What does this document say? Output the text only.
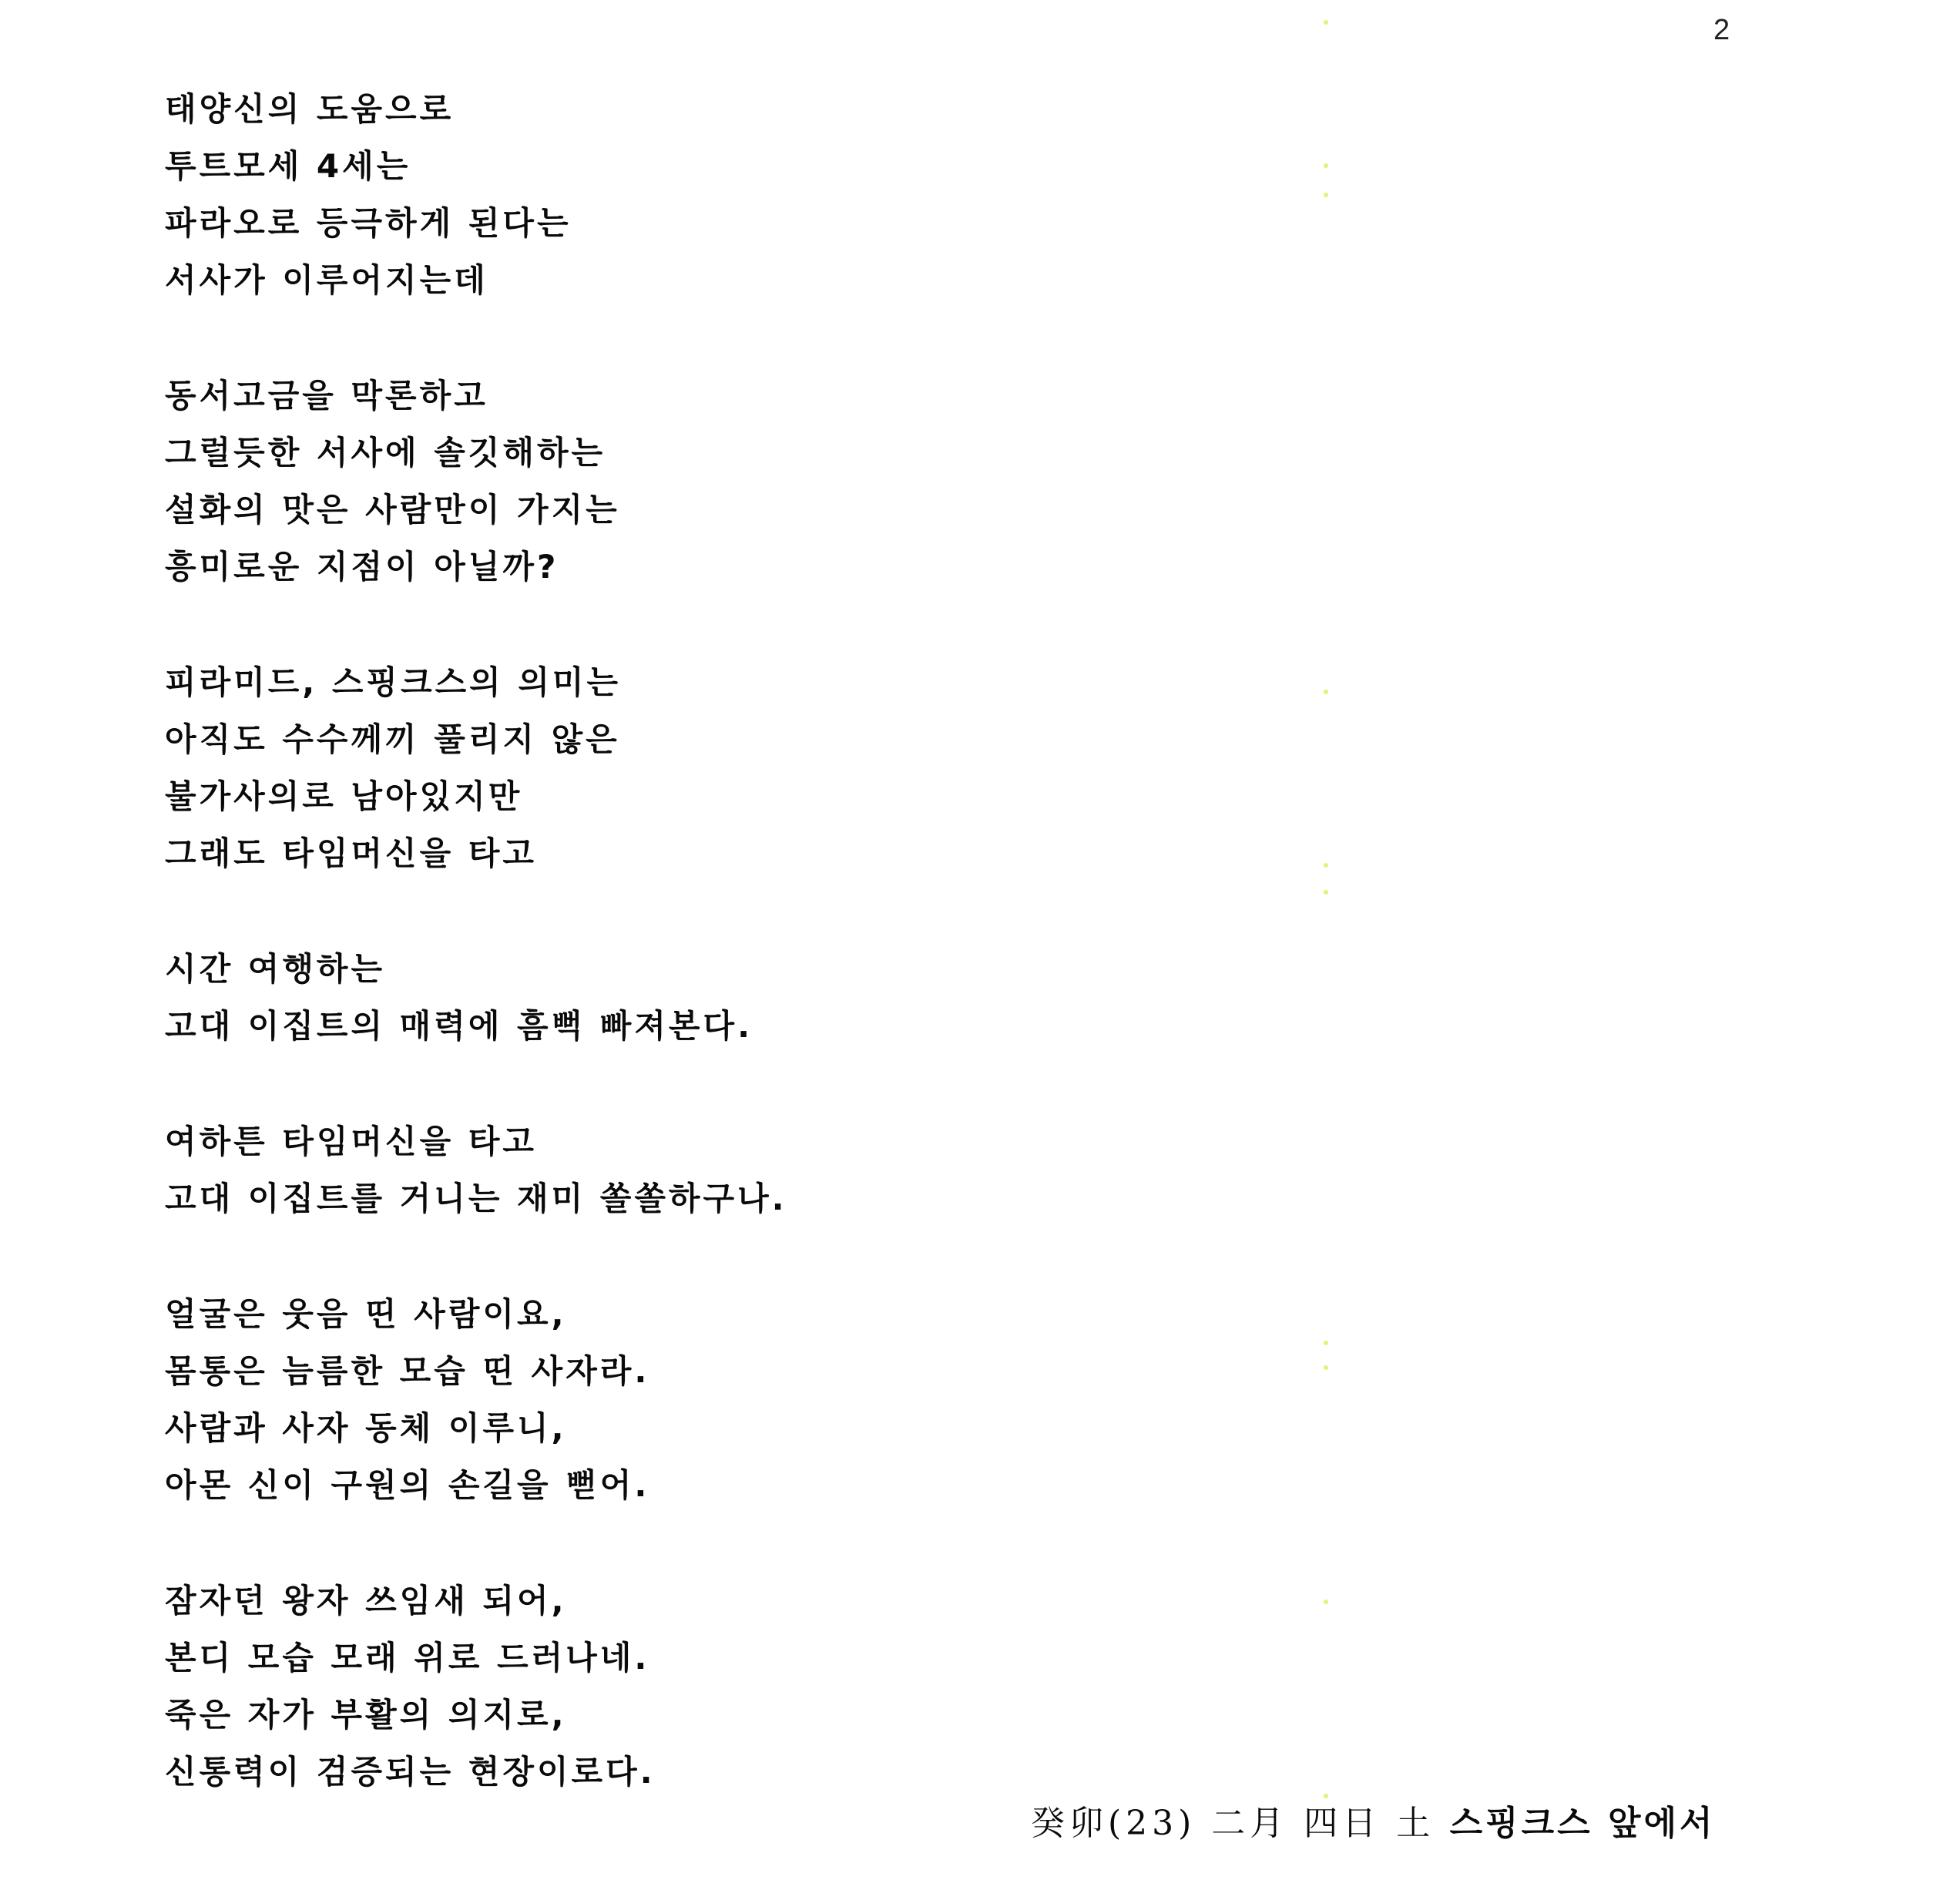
2
태양신의 도움으로
투트모세 4세는
파라오로 등극하게 된다는
서사가 이루어지는데
동서고금을 막론하고
그럴듯한 서사에 솔깃해하는
설화의 맛은 사람만이 가지는
흥미로운 지점이 아닐까?
피라미드, 스핑크스의 의미는
아직도 수수께끼 풀리지 않은
불가사의로 남아있지만
그래도 타임머신을 타고
시간 여행하는
고대 이집트의 매력에 흠뻑 빠져본다.
여하튼 타임머신을 타고
고대 이집트를 거니는 재미 쏠쏠하구나.
얼굴은 웃음 띤 사람이요,
몸통은 늠름한 모습 띤 사자라.
사람과 사자 동체 이루니,
아몬 신이 구원의 손길을 뻗어.
잠자던 왕자 쓰임새 되어,
본디 모습 모래 위로 드러나네.
죽은 자가 부활의 의지로,
신통력이 검증되는 현장이로다.
癸卯(23) 二月 四日 土 스핑크스 앞에서
